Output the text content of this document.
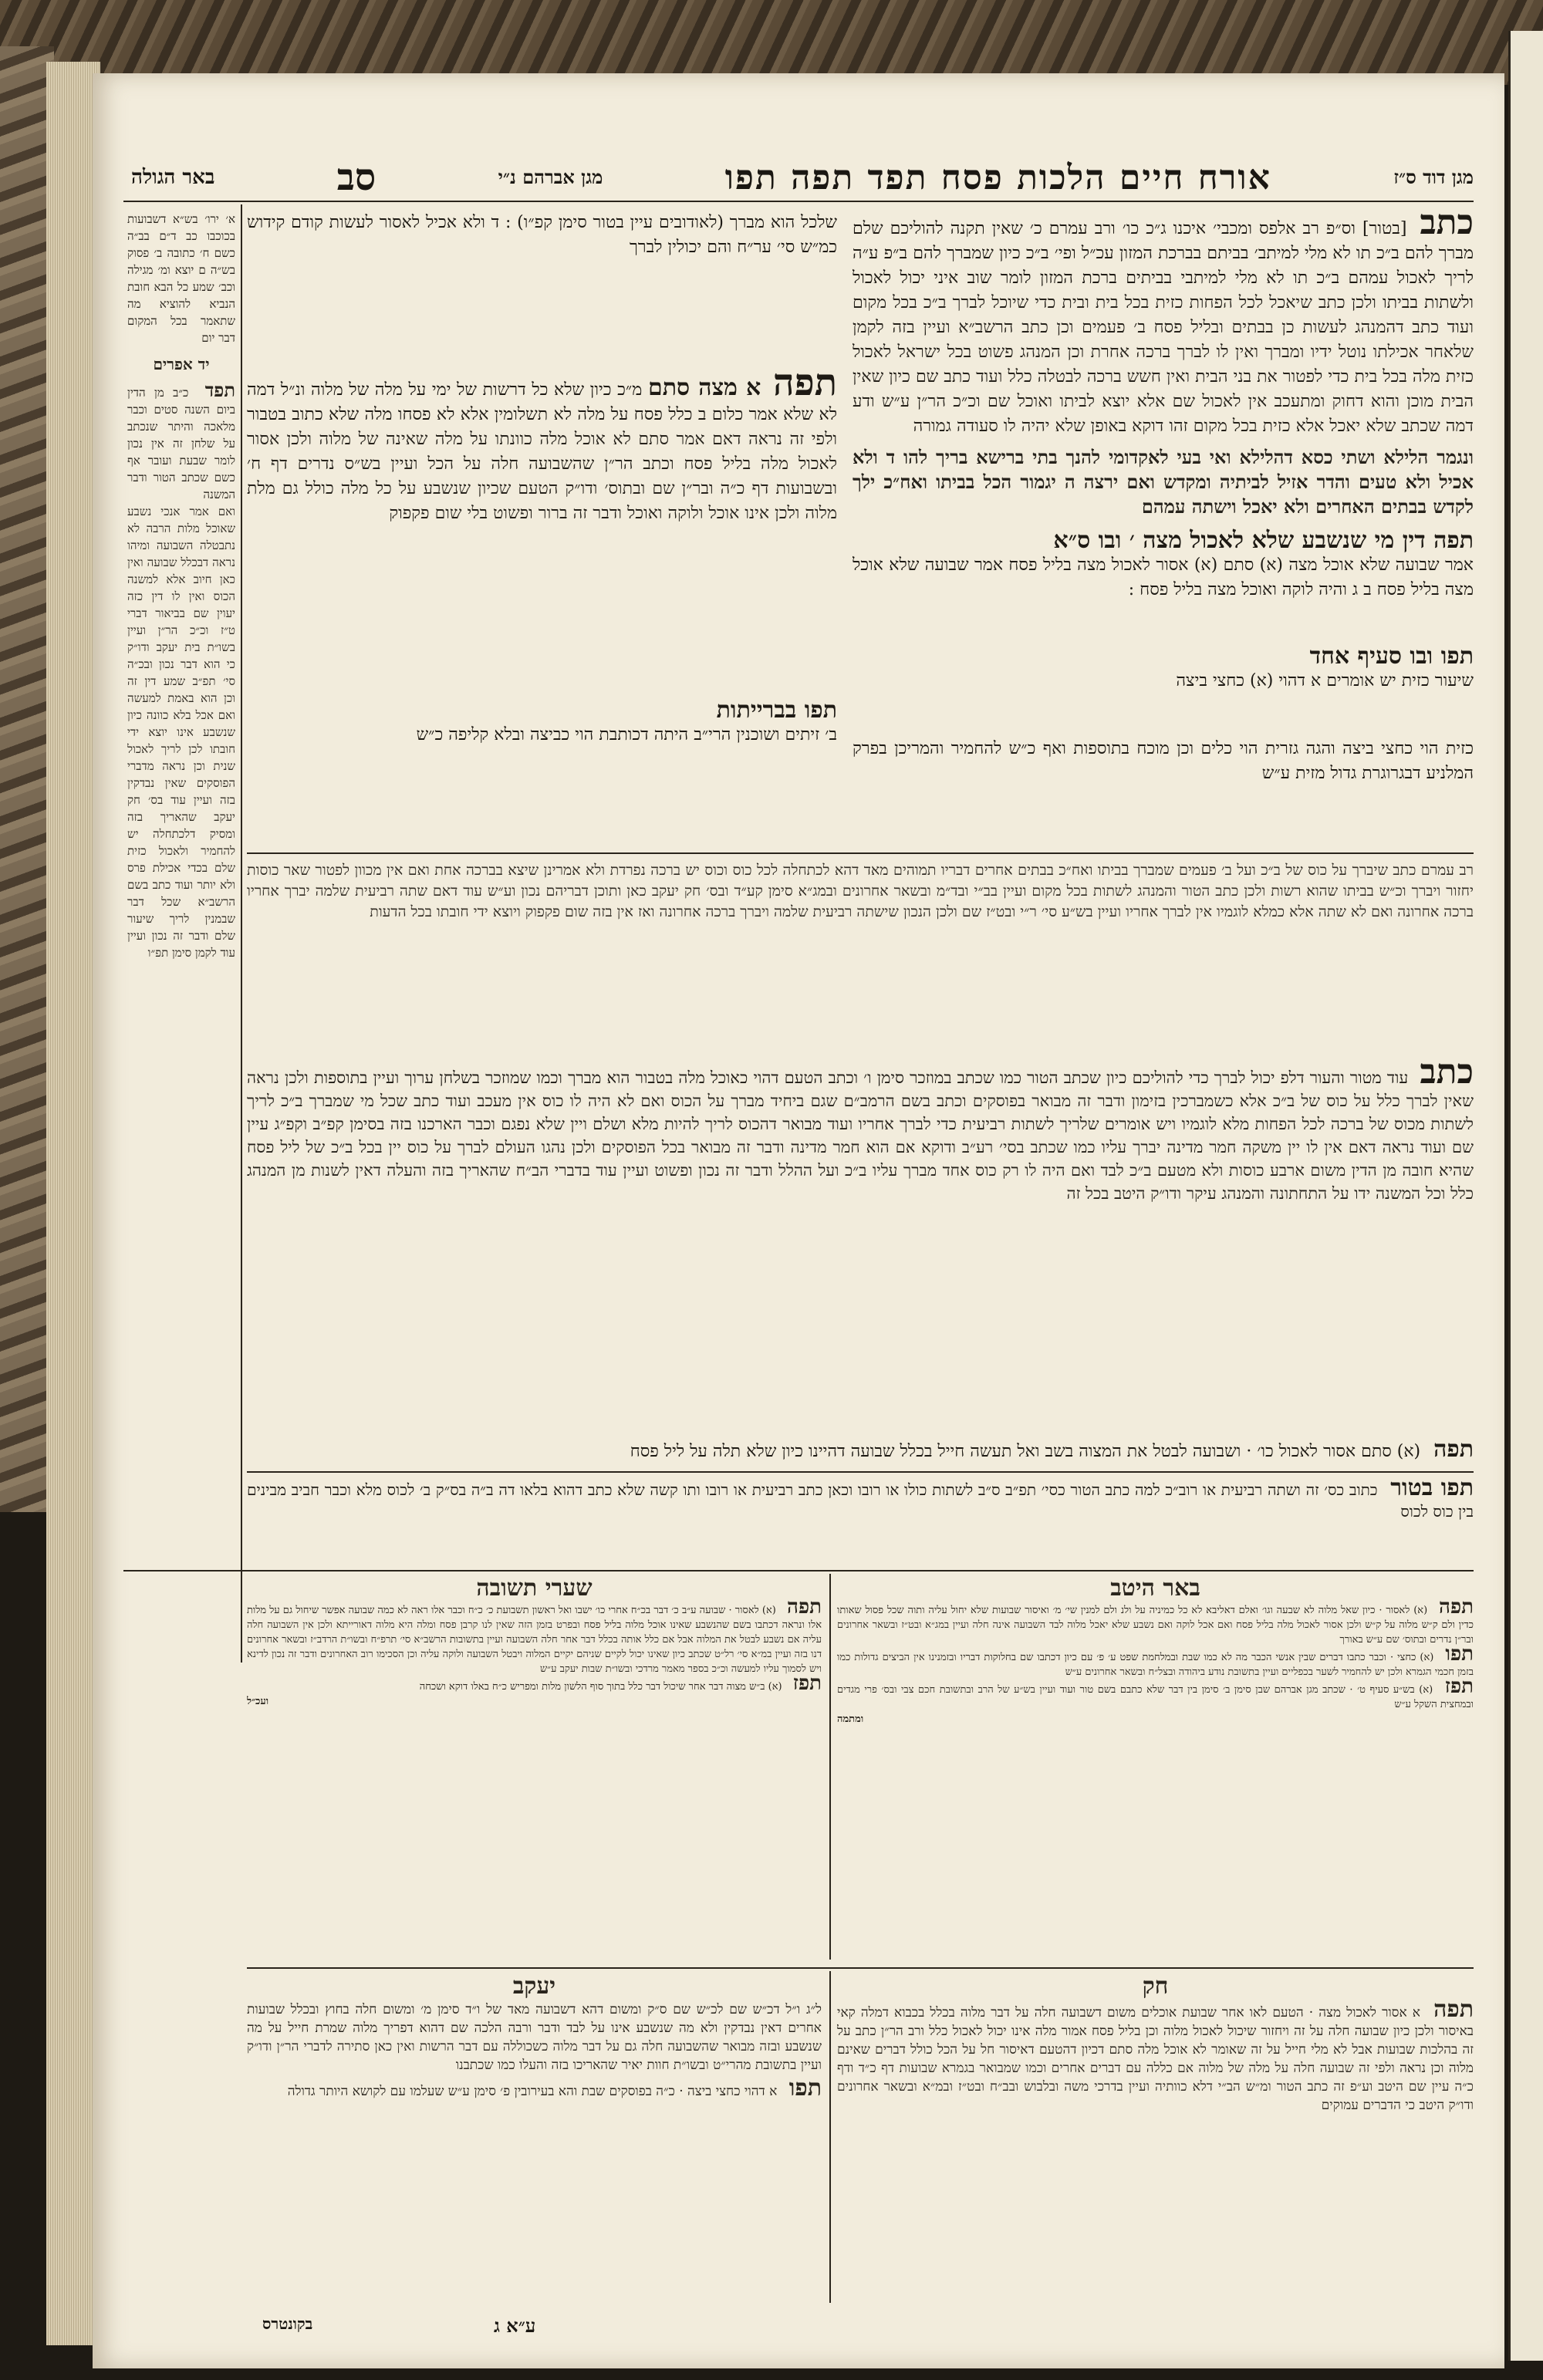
מגן דוד ס״ז
אורח חיים הלכות פסח תפד תפה תפו
מגן אברהם נ״י
סב
באר הגולה
א׳ ירו׳ בש״א דשבועות בכוכבו כב ד״ם בב״ה כשם ח׳ כתובה ב׳ פסוק בש״ה ם יוצא ומ׳ מגילה וכב׳ שמע כל הבא חובת הנביא להוציא מה שתאמר בכל המקום דבר יום
יד אפרים
תפד כ״ב מן הדין ביום השנה סטים וכבר מלאכה והיתר שנכתב על שלחן זה אין נכון לומר שבעת ועובר אף כשם שכתב הטור ודבר המשנה
ואם אמר אנכי נשבע שאוכל מלות הרבה לא נתבטלה השבועה ומיהו נראה דבכלל שבועה ואין כאן חיוב אלא למשנה הכוס ואין לו דין כזה יעוין שם בביאור דברי ט״ז וכ״כ הר״ן ועיין בשו״ת בית יעקב ודו״ק כי הוא דבר נכון ובכ״ה סי׳ תפ״ב שמע דין זה וכן הוא באמת למעשה ואם אכל בלא כוונה כיון שנשבע אינו יוצא ידי חובתו לכן לריך לאכול שנית וכן נראה מדברי הפוסקים שאין נבדקין בזה ועיין עוד בס׳ חק יעקב שהאריך בזה ומסיק דלכתחלה יש להחמיר ולאכול כזית שלם בכדי אכילת פרס ולא יותר ועוד כתב בשם הרשב״א שכל דבר שבמנין לריך שיעור שלם ודבר זה נכון ועיין עוד לקמן סימן תפ״ו
כתב [בטור] וס״פ רב אלפס ומכבי׳ איכנו ג״כ כו׳ ורב עמרם כ׳ שאין תקנה להוליכם שלם מברך להם ב״כ תו לא מלי למיתב׳ בביתם בברכת המזון עכ״ל ופי׳ ב״כ כיון שמברך להם ב״פ ע״ה לריך לאכול עמהם ב״כ תו לא מלי למיתבי בביתים ברכת המזון לומר שוב איני יכול לאכול ולשתות בביתו ולכן כתב שיאכל לכל הפחות כזית בכל בית ובית כדי שיוכל לברך ב״כ בכל מקום ועוד כתב דהמנהג לעשות כן בבתים ובליל פסח ב׳ פעמים וכן כתב הרשב״א ועיין בזה לקמן שלאחר אכילתו נוטל ידיו ומברך ואין לו לברך ברכה אחרת וכן המנהג פשוט בכל ישראל לאכול כזית מלה בכל בית כדי לפטור את בני הבית ואין חשש ברכה לבטלה כלל ועוד כתב שם כיון שאין הבית מוכן והוא דחוק ומתעכב אין לאכול שם אלא יוצא לביתו ואוכל שם וכ״כ הר״ן ע״ש ודע דמה שכתב שלא יאכל אלא כזית בכל מקום זהו דוקא באופן שלא יהיה לו סעודה גמורה
ונגמר הלילא ושתי כסא דהלילא ואי בעי לאקדומי להנך בתי ברישא בריך להו ד ולא אכיל ולא טעים והדר אזיל לביתיה ומקדש ואם ירצה ה יגמור הכל בביתו ואח״כ ילך לקדש בבתים האחרים ולא יאכל וישתה עמהם
שלכל הוא מברך (לאודובים עיין בטור סימן קפ״ו) : ד ולא אכיל לאסור לעשות קודם קידוש כמ״ש סי׳ ער״ח והם יכולין לברך
תפה א מצה סתם מ״כ כיון שלא כל דרשות של ימי על מלה של מלוה ונ״ל דמה לא שלא אמר כלום ב כלל פסח על מלה לא תשלומין אלא לא פסחו מלה שלא כתוב בטבור ולפי זה נראה דאם אמר סתם לא אוכל מלה כוונתו על מלה שאינה של מלוה ולכן אסור לאכול מלה בליל פסח וכתב הר״ן שהשבועה חלה על הכל ועיין בש״ס נדרים דף ח׳ ובשבועות דף כ״ה ובר״ן שם ובתוס׳ ודו״ק הטעם שכיון שנשבע על כל מלה כולל גם מלת מלוה ולכן אינו אוכל ולוקה ואוכל ודבר זה ברור ופשוט בלי שום פקפוק
תפו בברייתות
ב׳ זיתים ושוכנין הרי״ב היתה דכותבת הוי כביצה ובלא קליפה כ״ש
תפה דין מי שנשבע שלא לאכול מצה ׳ ובו ס״א
אמר שבועה שלא אוכל מצה (א) סתם (א) אסור לאכול מצה בליל פסח אמר שבועה שלא אוכל מצה בליל פסח ב ג והיה לוקה ואוכל מצה בליל פסח :
תפו ובו סעיף אחד
שיעור כזית יש אומרים א דהוי (א) כחצי ביצה
כזית הוי כחצי ביצה והגה גזרית הוי כלים וכן מוכח בתוספות ואף כ״ש להחמיר והמריכן בפרק המלניע דבגרוגרת גדול מזית ע״ש
רב עמרם כתב שיברך על כוס של ב״כ ועל ב׳ פעמים שמברך בביתו ואח״כ בבתים אחרים דבריו תמוהים מאד דהא לכתחלה לכל כוס וכוס יש ברכה נפרדת ולא אמרינן שיצא בברכה אחת ואם אין מכוון לפטור שאר כוסות יחזור ויברך וכ״ש בביתו שהוא רשות ולכן כתב הטור והמנהג לשתות בכל מקום ועיין בב״י ובד״מ ובשאר אחרונים ובמג״א סימן קע״ד ובס׳ חק יעקב כאן ותוכן דבריהם נכון וע״ש עוד דאם שתה רביעית שלמה יברך אחריו ברכה אחרונה ואם לא שתה אלא כמלא לוגמיו אין לברך אחריו ועיין בש״ע סי׳ ר״י ובט״ז שם ולכן הנכון שישתה רביעית שלמה ויברך ברכה אחרונה ואז אין בזה שום פקפוק ויוצא ידי חובתו בכל הדעות
כתב עוד מטור והעור דלפ יכול לברך כדי להוליכם כיון שכתב הטור כמו שכתב במוזכר סימן ו׳ וכתב הטעם דהוי כאוכל מלה בטבור הוא מברך וכמו שמוזכר בשלחן ערוך ועיין בתוספות ולכן נראה שאין לברך כלל על כוס של ב״כ אלא כשמברכין בזימון ודבר זה מבואר בפוסקים וכתב בשם הרמב״ם שגם ביחיד מברך על הכוס ואם לא היה לו כוס אין מעכב ועוד כתב שכל מי שמברך ב״כ לריך לשתות מכוס של ברכה לכל הפחות מלא לוגמיו ויש אומרים שלריך לשתות רביעית כדי לברך אחריו ועוד מבואר דהכוס לריך להיות מלא ושלם ויין שלא נפגם וכבר הארכנו בזה בסימן קפ״ב וקפ״ג עיין שם ועוד נראה דאם אין לו יין משקה חמר מדינה יברך עליו כמו שכתב בסי׳ רע״ב ודוקא אם הוא חמר מדינה ודבר זה מבואר בכל הפוסקים ולכן נהגו העולם לברך על כוס יין בכל ב״כ של ליל פסח שהיא חובה מן הדין משום ארבע כוסות ולא מטעם ב״כ לבד ואם היה לו רק כוס אחד מברך עליו ב״כ ועל ההלל ודבר זה נכון ופשוט ועיין עוד בדברי הב״ח שהאריך בזה והעלה דאין לשנות מן המנהג כלל וכל המשנה ידו על התחתונה והמנהג עיקר ודו״ק היטב בכל זה
תפה (א) סתם אסור לאכול כו׳ · ושבועה לבטל את המצוה בשב ואל תעשה חייל בכלל שבועה דהיינו כיון שלא תלה על ליל פסח
תפו בטור כתוב כס׳ זה ושתה רביעית או רוב״כ למה כתב הטור כסי׳ תפ״ב ס״ב לשתות כולו או רובו וכאן כתב רביעית או רובו ותו קשה שלא כתב דהוא בלאו דה ב״ה בס״ק ב׳ לכוס מלא וכבר חביב מבינים בין כוס לכוס
באר היטב
תפה (א) לאסור · כיון שאל מלוה לא שבעה וגו׳ ואלם דאליבא לא כל כמיניה על ולנ ולם למנין שי׳ מ׳ ואיסור שבועות שלא יחול עליה ותוה שכל פסול שאותו כדין ולם ק״ש מלוה על ק״ש ולכן אסור לאכול מלה בליל פסח ואם אכל לוקה ואם נשבע שלא יאכל מלוה לבד השבועה אינה חלה ועיין במג״א ובט״ז ובשאר אחרונים ובר״ן נדרים ובתוס׳ שם ע״ש באורך
תפו (א) כחצי · וכבר כתבו דברים שבין אנשי הכבר מה לא כמו שבת ובמלחמת שפט ע׳ פ׳ עם כיון דכתבו שם בחלוקות דבריו ובזמנינו אין הביצים גדולות כמו בזמן חכמי הגמרא ולכן יש להחמיר לשער בכפליים ועיין בתשובת נודע ביהודה ובצל״ח ובשאר אחרונים ע״ש
תפז (א) בש״ע סעיף ט׳ · שכתב מגן אברהם שבן סימן ב׳ סימן בין דבר שלא כתבם בשם טור ועוד ועיין בש״ע של הרב ובתשובת חכם צבי ובס׳ פרי מגדים ובמחצית השקל ע״ש
ומתמה
שערי תשובה
תפה (א) לאסור · שבועה ע״ב כ׳ דבר בכ״ח אחרי כו׳ ישבו ואל ראשון תשבועת כ׳ כ״ח וכבר אלו ראה לא כמה שבועה אפשר שיחול גם על מלות אלו ונראה דכתבו בשם שהנשבע שאינו אוכל מלוה בליל פסח ובפרט בזמן הזה שאין לנו קרבן פסח ומלה היא מלוה דאורייתא ולכן אין השבועה חלה עליה אם נשבע לבטל את המלוה אבל אם כלל אותה בכלל דבר אחר חלה השבועה ועיין בתשובות הרשב״א סי׳ תרפ״ח ובשו״ת הרדב״ז ובשאר אחרונים דנו בזה ועיין במ״א סי׳ רל״ט שכתב כיון שאינו יכול לקיים שניהם יקיים המלוה ויבטל השבועה ולוקה עליה וכן הסכימו רוב האחרונים ודבר זה נכון לדינא ויש לסמוך עליו למעשה וכ״כ בספר מאמר מרדכי ובשו״ת שבות יעקב ע״ש
תפז (א) ב״ש מצוה דבר אחר שיכול דבר כלל בתוך סוף הלשון מלות ומפריש כ״ח באלו דוקא ושכחה
ועכ״ל
חק
תפה א אסור לאכול מצה · הטעם לאו אחר שבועת אוכלים משום דשבועה חלה על דבר מלוה בכלל בכבוא דמלה קאי באיסור ולכן כיון שבועה חלה על זה ויחזור שיכול לאכול מלוה וכן בליל פסח אמור מלה אינו יכול לאכול כלל ורב הר״ן כתב על זה בהלכות שבועות אבל לא מלי חייל על זה שאומר לא אוכל מלה סתם דכיון דהטעם דאיסור חל על הכל כולל דברים שאינם מלוה וכן נראה ולפי זה שבועה חלה על מלה של מלוה אם כללה עם דברים אחרים וכמו שמבואר בגמרא שבועות דף כ״ד ודף כ״ה עיין שם היטב וע״פ זה כתב הטור ומ״ש הב״י דלא כוותיה ועיין בדרכי משה ובלבוש ובב״ח ובט״ז ובמ״א ובשאר אחרונים ודו״ק היטב כי הדברים עמוקים
יעקב
ל״ג ו״ל דכ״ש שם לכ״ש שם ס״ק ומשום דהא דשבועה מאד של ו״ד סימן מ׳ ומשום חלה בחוץ ובכלל שבועות אחרים דאין נבדקין ולא מה שנשבע אינו על לבד ודבר ורבה הלכה שם דהוא דפריך מלוה שמרת חייל על מה שנשבע ובזה מבואר שהשבועה חלה גם על דבר מלוה כשכוללה עם דבר הרשות ואין כאן סתירה לדברי הר״ן ודו״ק ועיין בתשובת מהרי״ט ובשו״ת חוות יאיר שהאריכו בזה והעלו כמו שכתבנו
תפו א דהוי כחצי ביצה · כ״ה בפוסקים שבת והא בעירובין פ׳ סימן ע״ש שעלמו עם לקושא היותר גדולה
ע״א ג
בקונטרס
